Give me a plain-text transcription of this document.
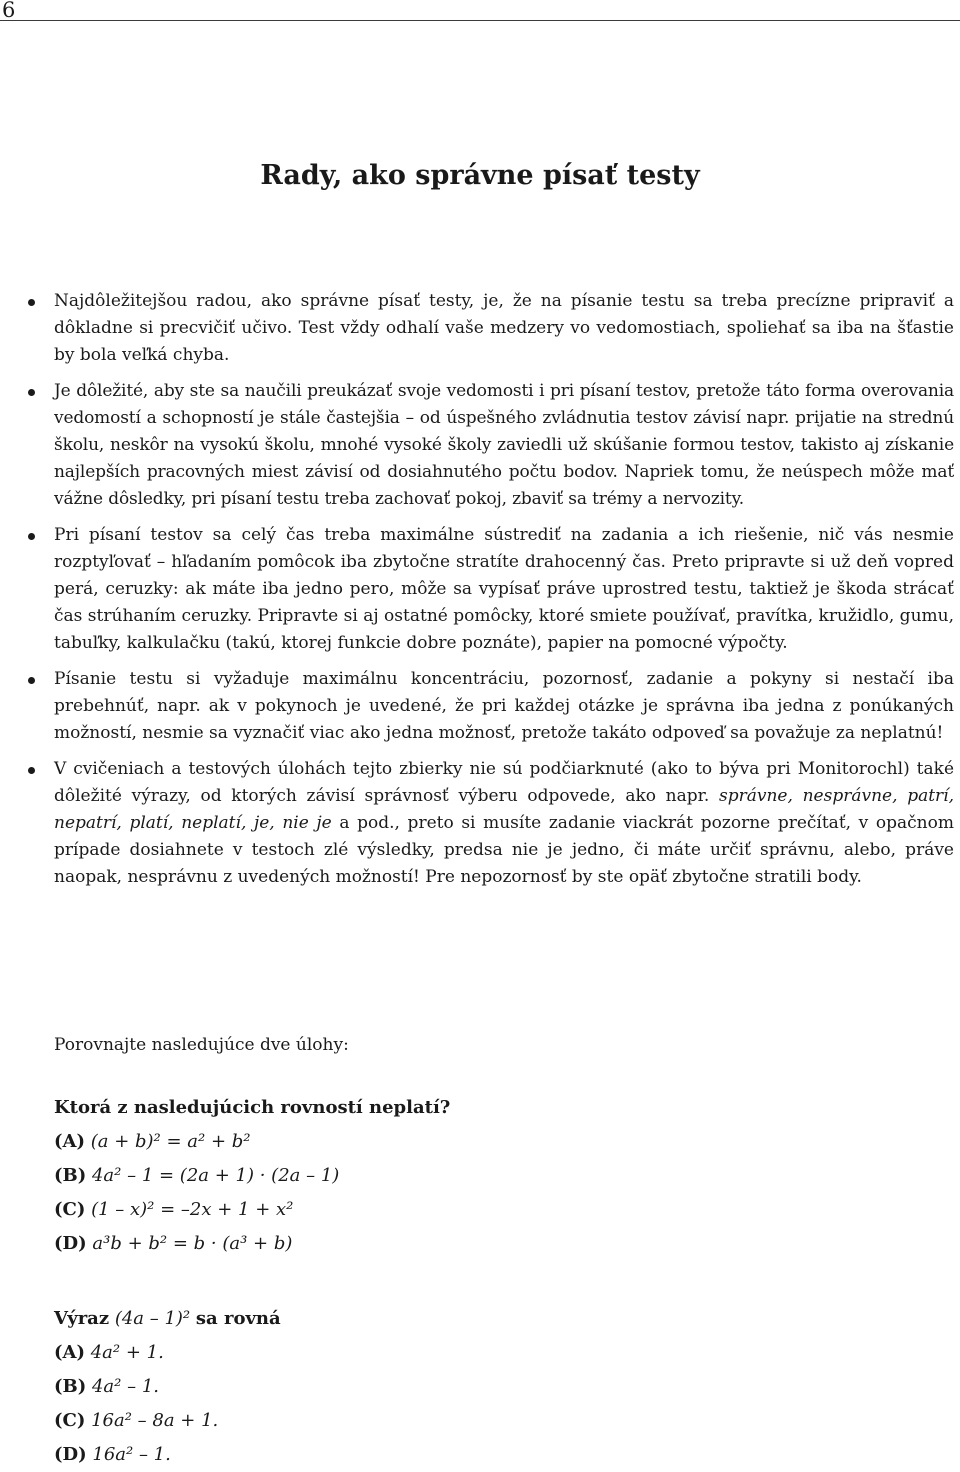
6
Rady, ako správne písať testy
Najdôležitejšou radou, ako správne písať testy, je, že na písanie testu sa treba precízne pripraviť a dôkladne si precvičiť učivo. Test vždy odhalí vaše medzery vo vedomostiach, spoliehať sa iba na šťastie by bola veľká chyba.
Je dôležité, aby ste sa naučili preukázať svoje vedomosti i pri písaní testov, pretože táto forma overovania vedomostí a schopností je stále častejšia – od úspešného zvládnutia testov závisí napr. prijatie na strednú školu, neskôr na vysokú školu, mnohé vysoké školy zaviedli už skúšanie formou testov, takisto aj získanie najlepších pracovných miest závisí od dosiahnutého počtu bodov. Napriek tomu, že neúspech môže mať vážne dôsledky, pri písaní testu treba zachovať pokoj, zbaviť sa trémy a nervozity.
Pri písaní testov sa celý čas treba maximálne sústrediť na zadania a ich riešenie, nič vás nesmie rozptyľovať – hľadaním pomôcok iba zbytočne stratíte drahocenný čas. Preto pripravte si už deň vopred perá, ceruzky: ak máte iba jedno pero, môže sa vypísať práve uprostred testu, taktiež je škoda strácať čas strúhaním ceruzky. Pripravte si aj ostatné pomôcky, ktoré smiete používať, pravítka, kružidlo, gumu, tabuľky, kalkulačku (takú, ktorej funkcie dobre poznáte), papier na pomocné výpočty.
Písanie testu si vyžaduje maximálnu koncentráciu, pozornosť, zadanie a pokyny si nestačí iba prebehnúť, napr. ak v pokynoch je uvedené, že pri každej otázke je správna iba jedna z ponúkaných možností, nesmie sa vyznačiť viac ako jedna možnosť, pretože takáto odpoveď sa považuje za neplatnú!
V cvičeniach a testových úlohách tejto zbierky nie sú podčiarknuté (ako to býva pri Monitorochl) také dôležité výrazy, od ktorých závisí správnosť výberu odpovede, ako napr. správne, nesprávne, patrí, nepatrí, platí, neplatí, je, nie je a pod., preto si musíte zadanie viackrát pozorne prečítať, v opačnom prípade dosiahnete v testoch zlé výsledky, predsa nie je jedno, či máte určiť správnu, alebo, práve naopak, nesprávnu z uvedených možností! Pre nepozornosť by ste opäť zbytočne stratili body.
Porovnajte nasledujúce dve úlohy:
Ktorá z nasledujúcich rovností neplatí?
(A) (a + b)² = a² + b²
(B) 4a² – 1 = (2a + 1) · (2a – 1)
(C) (1 – x)² = –2x + 1 + x²
(D) a³b + b² = b · (a³ + b)
Výraz (4a – 1)² sa rovná
(A) 4a² + 1.
(B) 4a² – 1.
(C) 16a² – 8a + 1.
(D) 16a² – 1.
